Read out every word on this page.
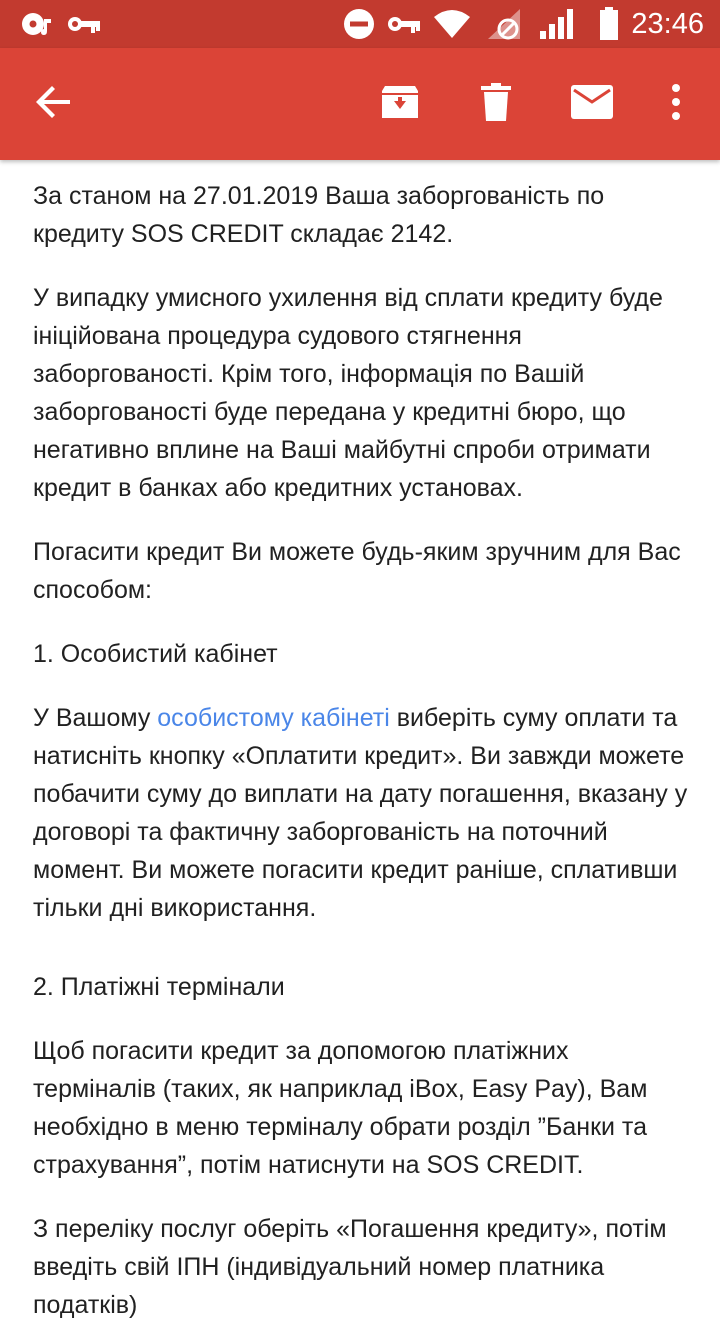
23:46

За станом на 27.01.2019 Ваша заборгованість по кредиту SOS CREDIT складає 2142.

У випадку умисного ухилення від сплати кредиту буде ініційована процедура судового стягнення заборгованості. Крім того, інформація по Вашій заборгованості буде передана у кредитні бюро, що негативно вплине на Ваші майбутні спроби отримати кредит в банках або кредитних установах.

Погасити кредит Ви можете будь-яким зручним для Вас способом:

1. Особистий кабінет

У Вашому особистому кабінеті виберіть суму оплати та натисніть кнопку «Оплатити кредит». Ви завжди можете побачити суму до виплати на дату погашення, вказану у договорі та фактичну заборгованість на поточний момент. Ви можете погасити кредит раніше, сплативши тільки дні використання.

2. Платіжні термінали

Щоб погасити кредит за допомогою платіжних терміналів (таких, як наприклад iBox, Easy Pay), Вам необхідно в меню терміналу обрати розділ ”Банки та страхування”, потім натиснути на SOS CREDIT.

З переліку послуг оберіть «Погашення кредиту», потім введіть свій ІПН (індивідуальний номер платника податків)
